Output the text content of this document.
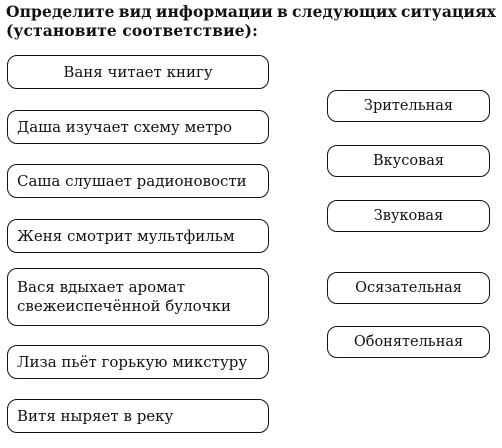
Определите вид информации в следующих ситуациях
(установите соответствие):
Ваня читает книгу
Даша изучает схему метро
Саша слушает радионовости
Женя смотрит мультфильм
Вася вдыхает аромат
свежеиспечённой булочки
Лиза пьёт горькую микстуру
Витя ныряет в реку
Зрительная
Вкусовая
Звуковая
Осязательная
Обонятельная
